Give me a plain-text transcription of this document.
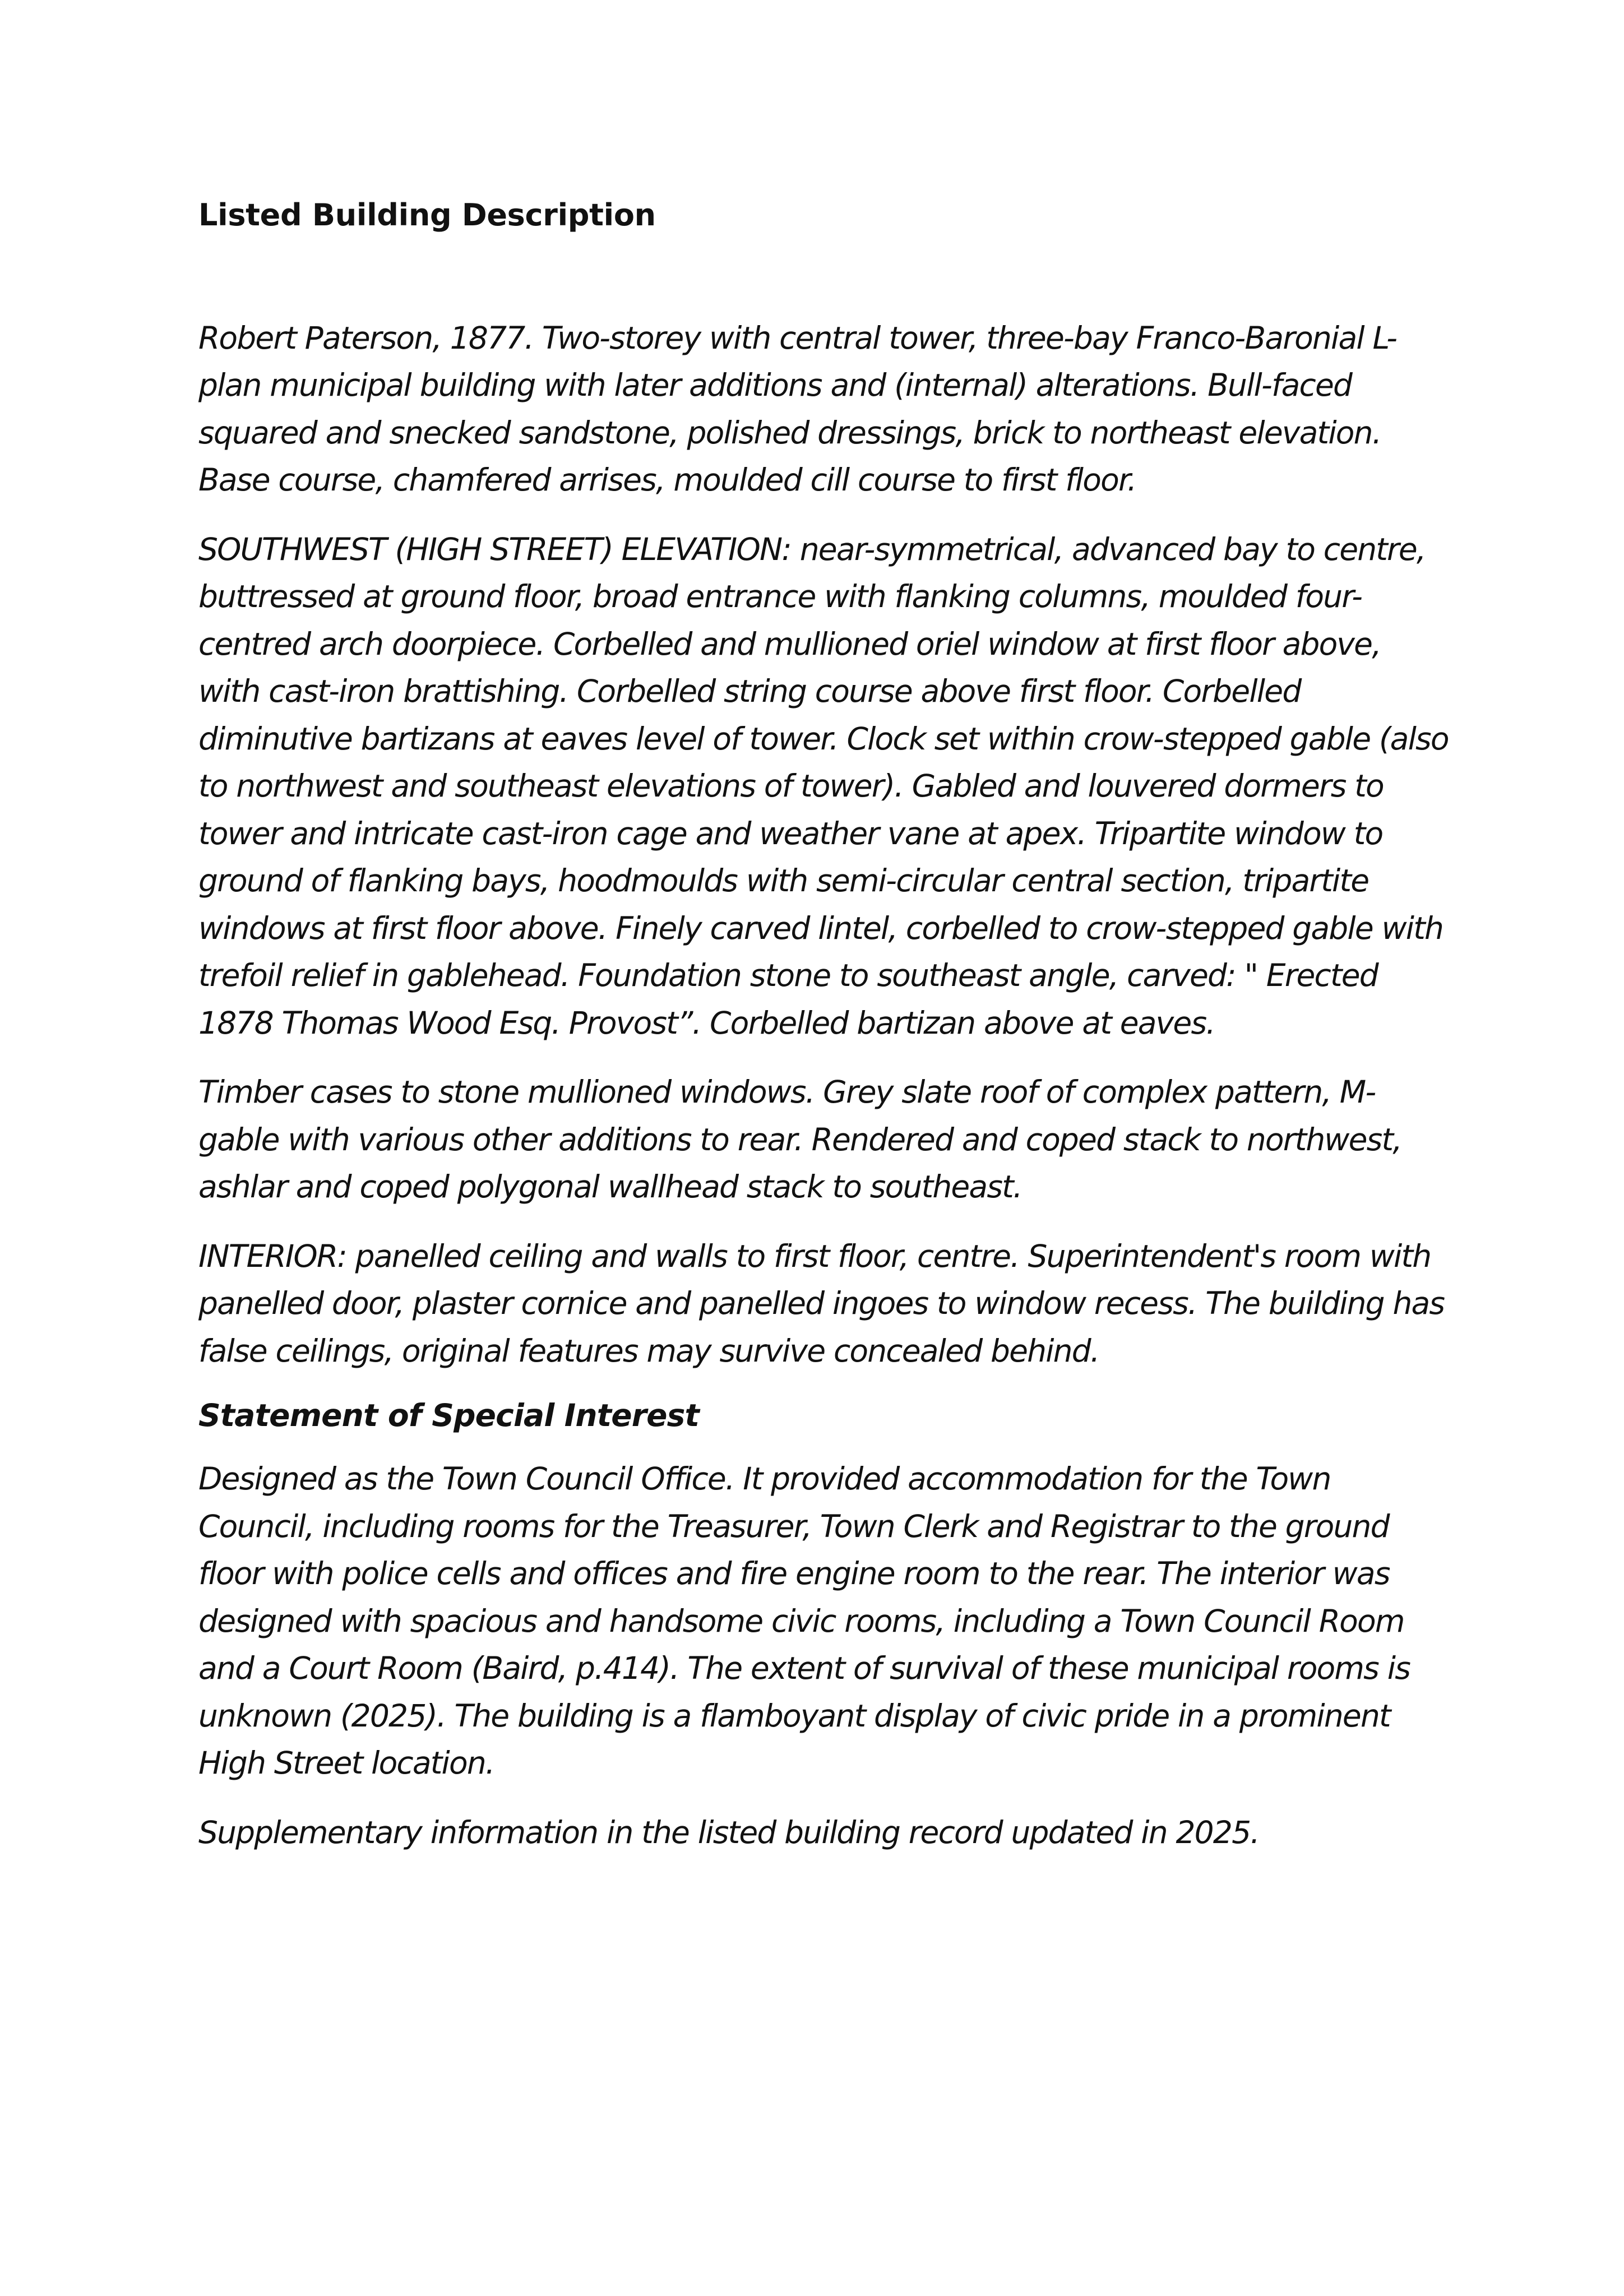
Listed Building Description

Robert Paterson, 1877. Two-storey with central tower, three-bay Franco-Baronial L-plan municipal building with later additions and (internal) alterations. Bull-faced squared and snecked sandstone, polished dressings, brick to northeast elevation. Base course, chamfered arrises, moulded cill course to first floor.

SOUTHWEST (HIGH STREET) ELEVATION: near-symmetrical, advanced bay to centre, buttressed at ground floor, broad entrance with flanking columns, moulded four-centred arch doorpiece. Corbelled and mullioned oriel window at first floor above, with cast-iron brattishing. Corbelled string course above first floor. Corbelled diminutive bartizans at eaves level of tower. Clock set within crow-stepped gable (also to northwest and southeast elevations of tower). Gabled and louvered dormers to tower and intricate cast-iron cage and weather vane at apex. Tripartite window to ground of flanking bays, hoodmoulds with semi-circular central section, tripartite windows at first floor above. Finely carved lintel, corbelled to crow-stepped gable with trefoil relief in gablehead. Foundation stone to southeast angle, carved: " Erected 1878 Thomas Wood Esq. Provost”. Corbelled bartizan above at eaves.

Timber cases to stone mullioned windows. Grey slate roof of complex pattern, M-gable with various other additions to rear. Rendered and coped stack to northwest, ashlar and coped polygonal wallhead stack to southeast.

INTERIOR: panelled ceiling and walls to first floor, centre. Superintendent's room with panelled door, plaster cornice and panelled ingoes to window recess. The building has false ceilings, original features may survive concealed behind.

Statement of Special Interest

Designed as the Town Council Office. It provided accommodation for the Town Council, including rooms for the Treasurer, Town Clerk and Registrar to the ground floor with police cells and offices and fire engine room to the rear. The interior was designed with spacious and handsome civic rooms, including a Town Council Room and a Court Room (Baird, p.414). The extent of survival of these municipal rooms is unknown (2025). The building is a flamboyant display of civic pride in a prominent High Street location.

Supplementary information in the listed building record updated in 2025.
